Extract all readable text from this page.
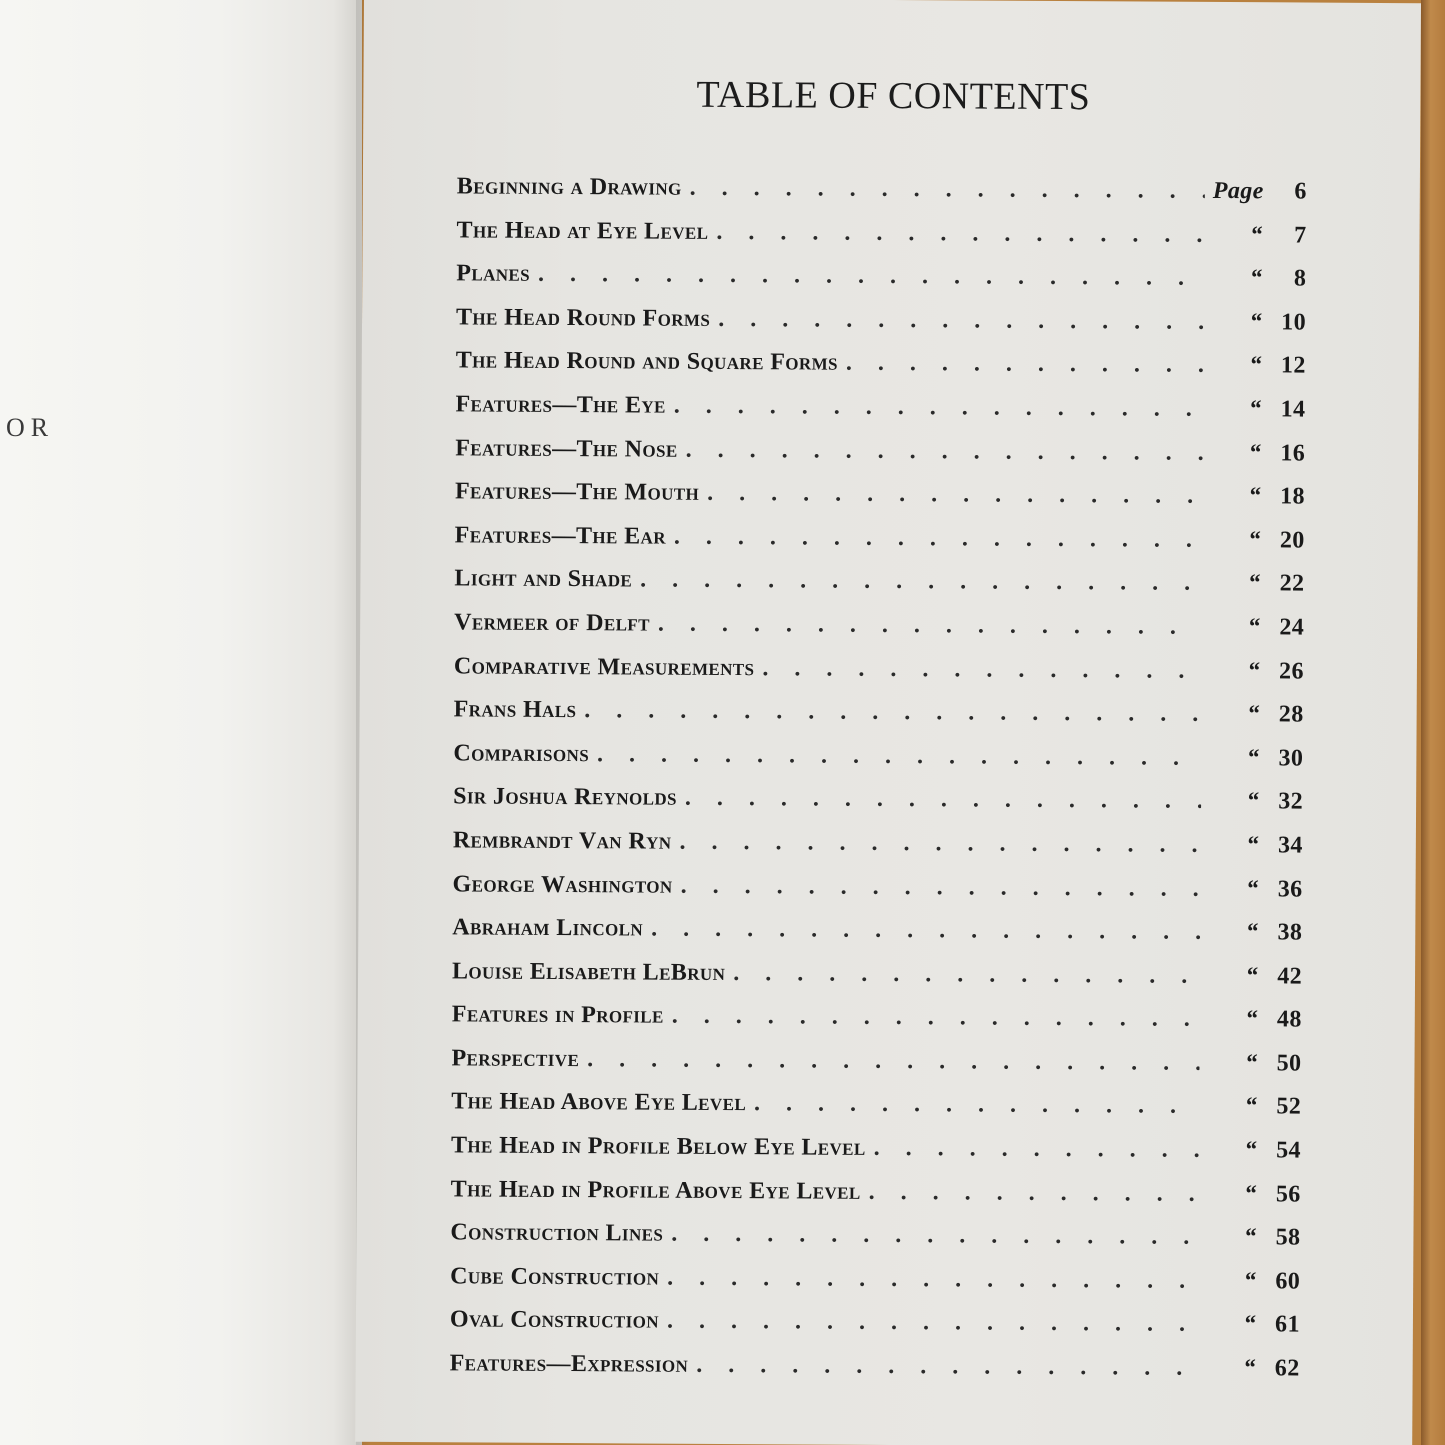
OR
TABLE OF CONTENTS
Beginning a Drawing . . .	Page	6
The Head at Eye Level . . .	“	7
Planes . . .	“	8
The Head Round Forms . . .	“ 10
The Head Round and Square Forms . . .	“ 12
Features—The Eye . . .	“ 14
Features—The Nose . . .	“ 16
Features—The Mouth . . .	“ 18
Features—The Ear . . .	“ 20
Light and Shade . . .	“ 22
Vermeer of Delft . . .	“ 24
Comparative Measurements . . .	“ 26
Frans Hals . . .	“ 28
Comparisons . . .	“ 30
Sir Joshua Reynolds . . .	“ 32
Rembrandt Van Ryn . . .	“ 34
George Washington . . .	“ 36
Abraham Lincoln . . .	“ 38
Louise Elisabeth LeBrun . . .	“ 42
Features in Profile . . .	“ 48
Perspective . . .	“ 50
The Head Above Eye Level . . .	“ 52
The Head in Profile Below Eye Level . . .	“ 54
The Head in Profile Above Eye Level . . .	“ 56
Construction Lines . . .	“ 58
Cube Construction . . .	“ 60
Oval Construction . . .	“ 61
Features—Expression . . .	“ 62
